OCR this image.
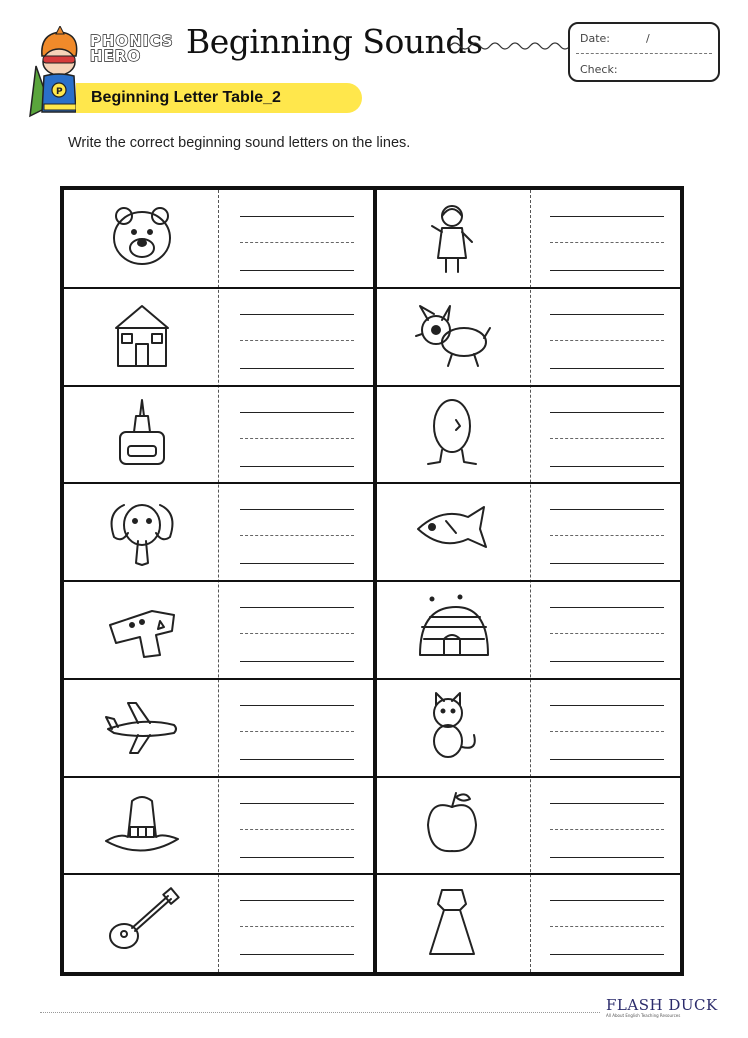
P
PHONICS
HERO	Beginning Sounds	Date:	/
Check:
Beginning Letter Table_2
Write the correct beginning sound letters on the lines.
FLASH DUCK
All About English Teaching Resources
